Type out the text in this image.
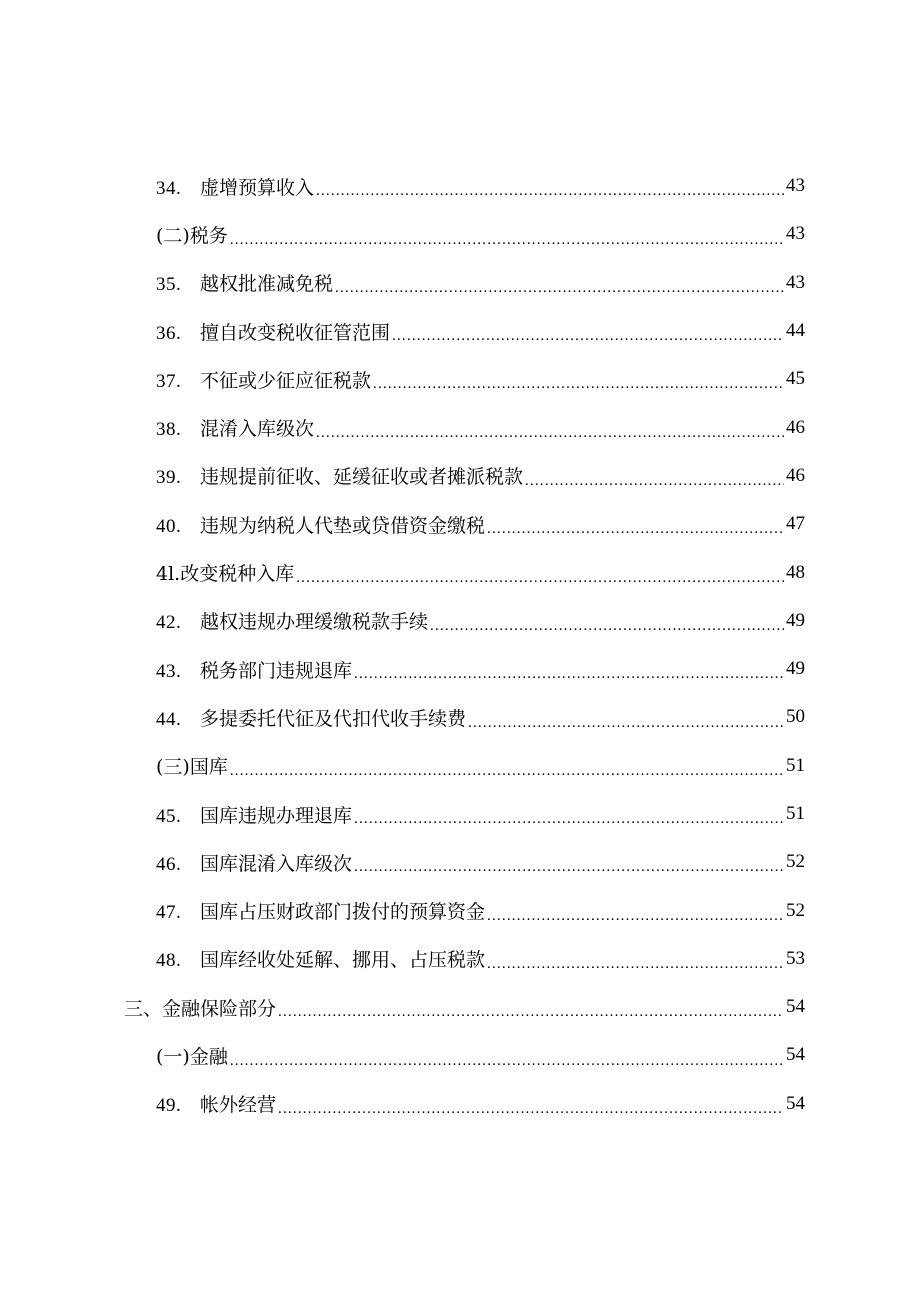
34. 虚增预算收入 .....	43
(二)税务 .....	43
35. 越权批准减免税 .....	43
36. 擅自改变税收征管范围 .....	44
37. 不征或少征应征税款 .....	45
38. 混淆入库级次 .....	46
39. 违规提前征收、延缓征收或者摊派税款 .....	46
40. 违规为纳税人代垫或贷借资金缴税 .....	47
4l.改变税种入库 .....	48
42. 越权违规办理缓缴税款手续 .....	49
43. 税务部门违规退库 .....	49
44. 多提委托代征及代扣代收手续费 .....	50
(三)国库 .....	51
45. 国库违规办理退库 .....	51
46. 国库混淆入库级次 .....	52
47. 国库占压财政部门拨付的预算资金 .....	52
48. 国库经收处延解、挪用、占压税款 .....	53
三、金融保险部分 .....	54
(一)金融 .....	54
49. 帐外经营 .....	54
